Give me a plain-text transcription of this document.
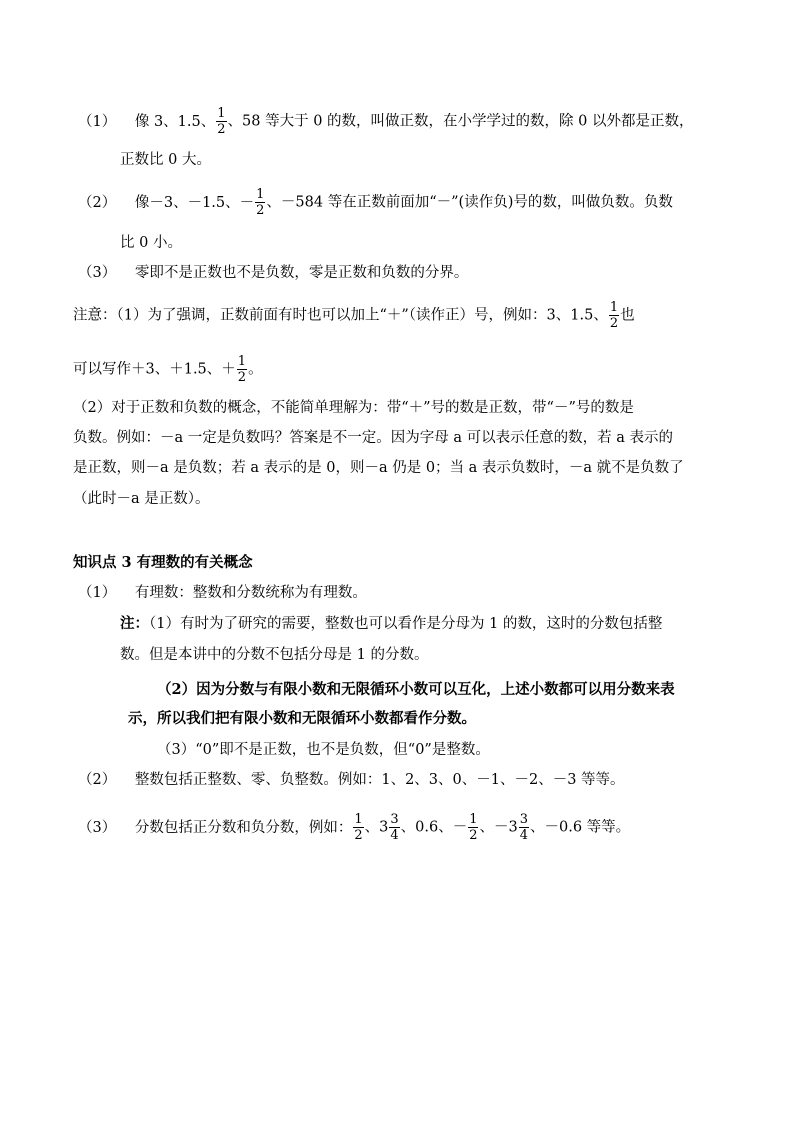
（1） 像 3、1.5、 $\frac{1}{2}$ 、58 等大于 0 的数，叫做正数，在小学学过的数，除 0 以外都是正数，
正数比 0 大。
（2） 像－3、－1.5、－ $\frac{1}{2}$ 、－584 等在正数前面加“－”(读作负)号的数，叫做负数。负数
比 0 小。
（3） 零即不是正数也不是负数，零是正数和负数的分界。
注意：（1）为了强调，正数前面有时也可以加上“＋”（读作正）号，例如：3、1.5、 $\frac{1}{2}$ 也
可以写作＋3、＋1.5、＋ $\frac{1}{2}$ 。
（2）对于正数和负数的概念，不能简单理解为：带“＋”号的数是正数，带“－”号的数是
负数。例如：－a 一定是负数吗？答案是不一定。因为字母 a 可以表示任意的数，若 a 表示的
是正数，则－a 是负数；若 a 表示的是 0，则－a 仍是 0；当 a 表示负数时，－a 就不是负数了
（此时－a 是正数）。
知识点 3 有理数的有关概念
（1） 有理数：整数和分数统称为有理数。
注：（1）有时为了研究的需要，整数也可以看作是分母为 1 的数，这时的分数包括整
数。但是本讲中的分数不包括分母是 1 的分数。
（2）因为分数与有限小数和无限循环小数可以互化，上述小数都可以用分数来表
示，所以我们把有限小数和无限循环小数都看作分数。
（3）“0”即不是正数，也不是负数，但“0”是整数。
（2） 整数包括正整数、零、负整数。例如：1、2、3、0、－1、－2、－3 等等。
（3） 分数包括正分数和负分数，例如： $\frac{1}{2}$ 、$3 \frac{3}{4}$ 、0.6、－ $\frac{1}{2}$ 、$-3 \frac{3}{4}$ 、－0.6 等等。
